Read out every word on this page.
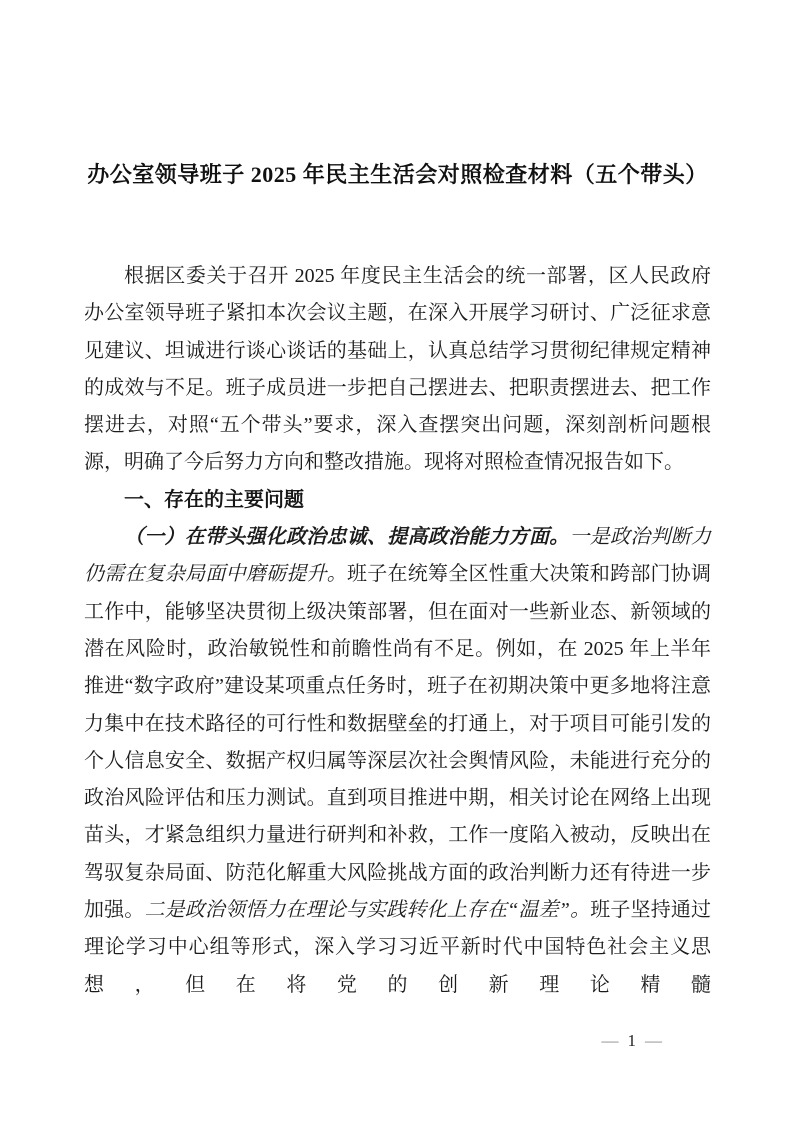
办公室领导班子 2025 年民主生活会对照检查材料（五个带头）

根据区委关于召开 2025 年度民主生活会的统一部署，区人民政府办公室领导班子紧扣本次会议主题，在深入开展学习研讨、广泛征求意见建议、坦诚进行谈心谈话的基础上，认真总结学习贯彻纪律规定精神的成效与不足。班子成员进一步把自己摆进去、把职责摆进去、把工作摆进去，对照“五个带头”要求，深入查摆突出问题，深刻剖析问题根源，明确了今后努力方向和整改措施。现将对照检查情况报告如下。

一、存在的主要问题

（一）在带头强化政治忠诚、提高政治能力方面。一是政治判断力仍需在复杂局面中磨砺提升。班子在统筹全区性重大决策和跨部门协调工作中，能够坚决贯彻上级决策部署，但在面对一些新业态、新领域的潜在风险时，政治敏锐性和前瞻性尚有不足。例如，在 2025 年上半年推进“数字政府”建设某项重点任务时，班子在初期决策中更多地将注意力集中在技术路径的可行性和数据壁垒的打通上，对于项目可能引发的个人信息安全、数据产权归属等深层次社会舆情风险，未能进行充分的政治风险评估和压力测试。直到项目推进中期，相关讨论在网络上出现苗头，才紧急组织力量进行研判和补救，工作一度陷入被动，反映出在驾驭复杂局面、防范化解重大风险挑战方面的政治判断力还有待进一步加强。二是政治领悟力在理论与实践转化上存在“温差”。班子坚持通过理论学习中心组等形式，深入学习习近平新时代中国特色社会主义思想，但在将党的创新理论精髓

— 1 —
